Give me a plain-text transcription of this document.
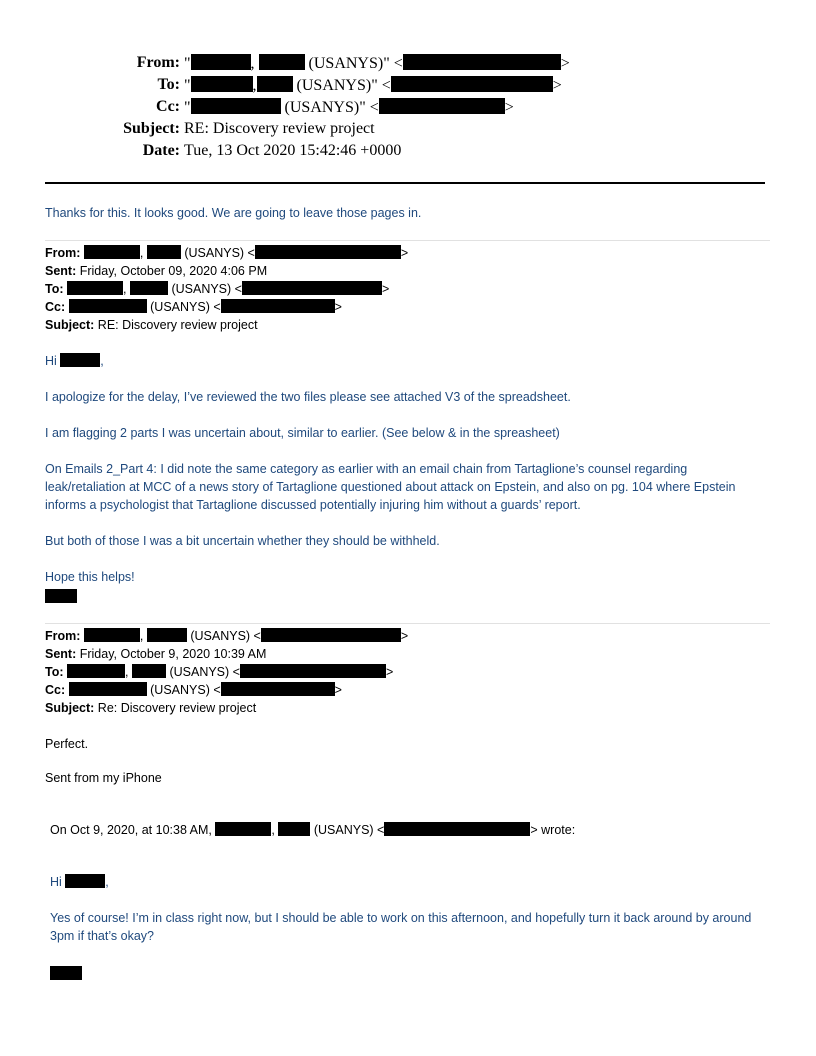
From: "	,	(USANYS)" <	>
To: "	,	(USANYS)" <	>
Cc: "	(USANYS)" <	>
Subject: RE: Discovery review project
Date: Tue, 13 Oct 2020 15:42:46 +0000
Thanks for this. It looks good. We are going to leave those pages in.
From:	,	(USANYS) <	>
Sent: Friday, October 09, 2020 4:06 PM
To:	,	(USANYS) <	>
Cc:	(USANYS) <	>
Subject: RE: Discovery review project
Hi	,
I apologize for the delay, I’ve reviewed the two files please see attached V3 of the spreadsheet.
I am flagging 2 parts I was uncertain about, similar to earlier. (See below & in the spreasheet)
On Emails 2_Part 4: I did note the same category as earlier with an email chain from Tartaglione’s counsel regarding leak/retaliation at MCC of a news story of Tartaglione questioned about attack on Epstein, and also on pg. 104 where Epstein informs a psychologist that Tartaglione discussed potentially injuring him without a guards’ report.
But both of those I was a bit uncertain whether they should be withheld.
Hope this helps!
From:	,	(USANYS) <	>
Sent: Friday, October 9, 2020 10:39 AM
To:	,	(USANYS) <	>
Cc:	(USANYS) <	>
Subject: Re: Discovery review project
Perfect.
Sent from my iPhone
On Oct 9, 2020, at 10:38 AM,	,	(USANYS) <	> wrote:
Hi	,
Yes of course! I’m in class right now, but I should be able to work on this afternoon, and hopefully turn it back around by around 3pm if that’s okay?
